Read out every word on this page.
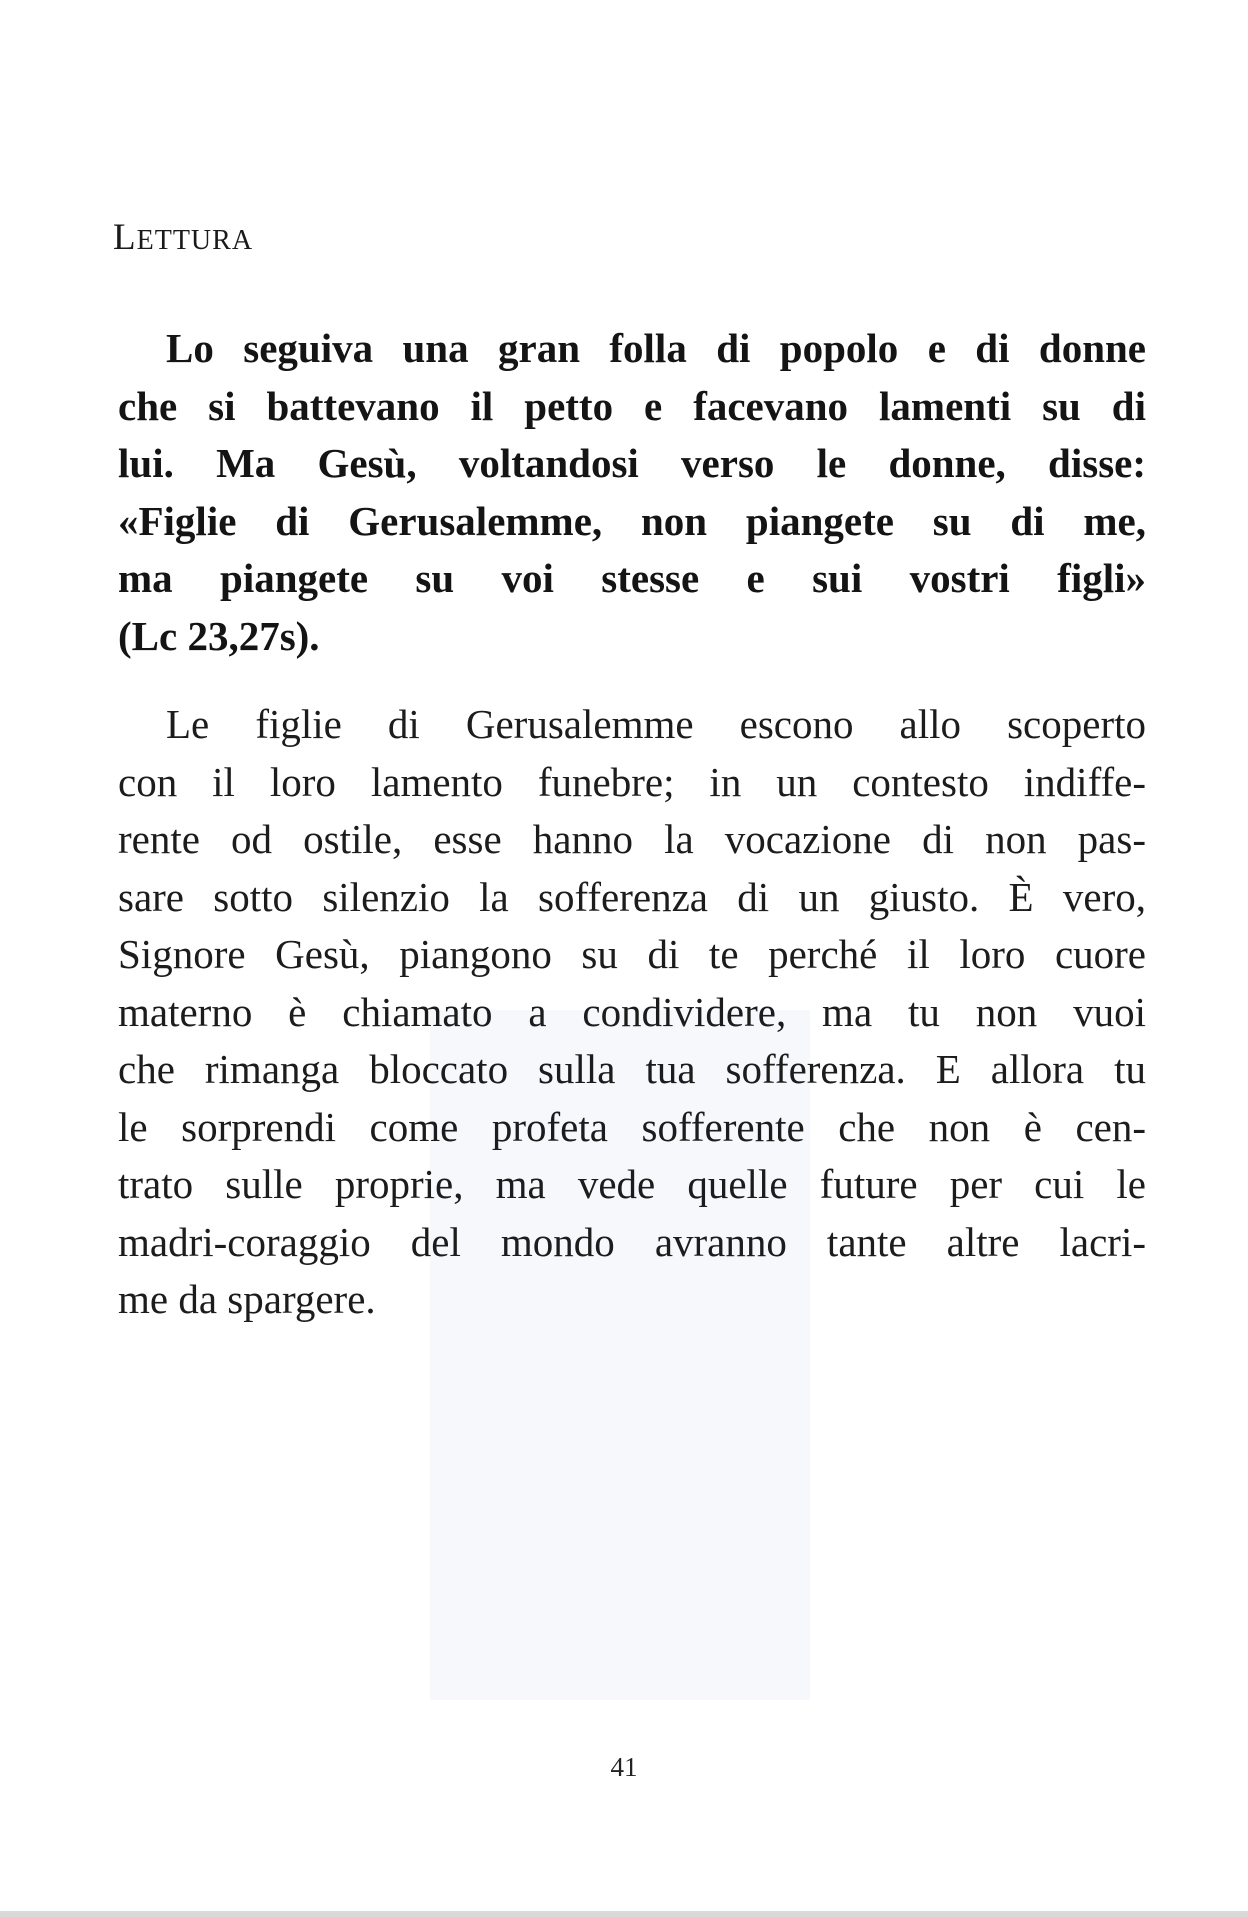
LETTURA
Lo seguiva una gran folla di popolo e di donne
che si battevano il petto e facevano lamenti su di
lui. Ma Gesù, voltandosi verso le donne, disse:
«Figlie di Gerusalemme, non piangete su di me,
ma piangete su voi stesse e sui vostri figli»
(Lc 23,27s).
Le figlie di Gerusalemme escono allo scoperto
con il loro lamento funebre; in un contesto indiffe-
rente od ostile, esse hanno la vocazione di non pas-
sare sotto silenzio la sofferenza di un giusto. È vero,
Signore Gesù, piangono su di te perché il loro cuore
materno è chiamato a condividere, ma tu non vuoi
che rimanga bloccato sulla tua sofferenza. E allora tu
le sorprendi come profeta sofferente che non è cen-
trato sulle proprie, ma vede quelle future per cui le
madri-coraggio del mondo avranno tante altre lacri-
me da spargere.
41
